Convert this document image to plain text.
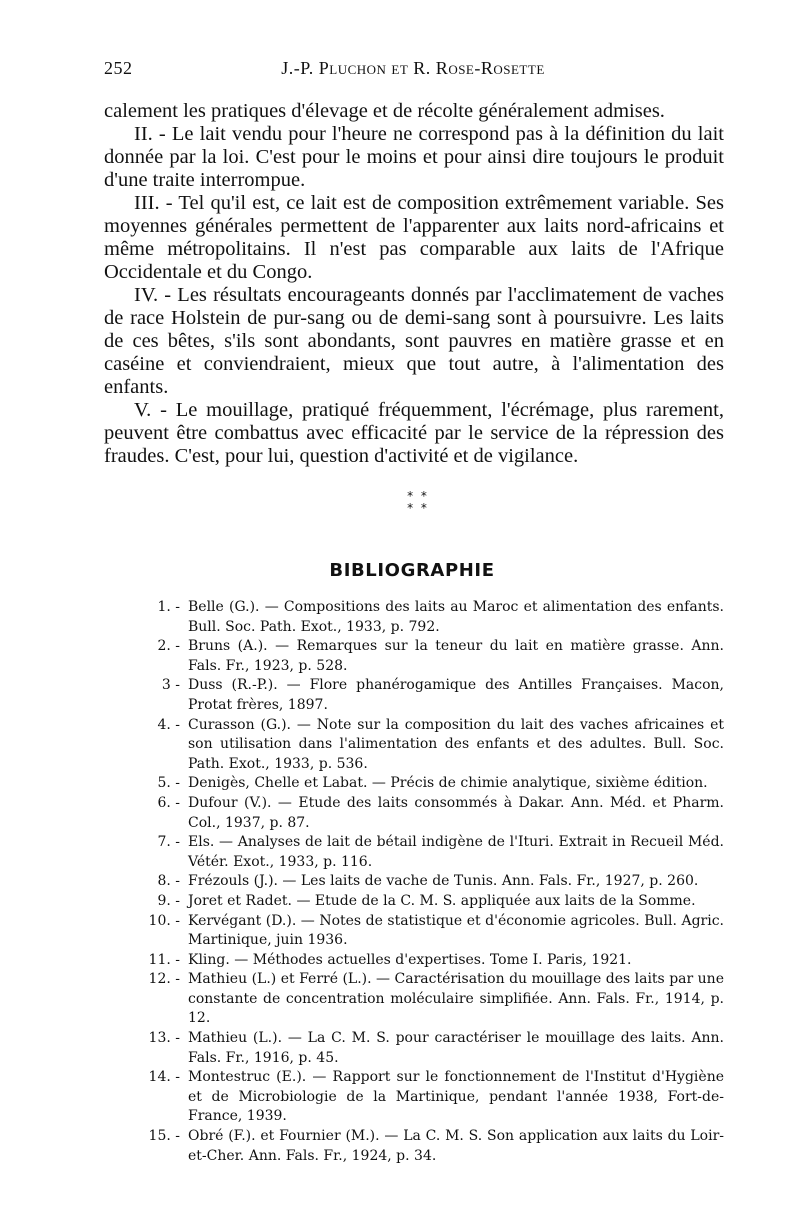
252	J.-P. Pluchon et R. Rose-Rosette

calement les pratiques d'élevage et de récolte généralement admises.

II. - Le lait vendu pour l'heure ne correspond pas à la définition du lait donnée par la loi. C'est pour le moins et pour ainsi dire toujours le produit d'une traite interrompue.

III. - Tel qu'il est, ce lait est de composition extrêmement variable. Ses moyennes générales permettent de l'apparenter aux laits nord-africains et même métropolitains. Il n'est pas comparable aux laits de l'Afrique Occidentale et du Congo.

IV. - Les résultats encourageants donnés par l'acclimatement de vaches de race Holstein de pur-sang ou de demi-sang sont à poursuivre. Les laits de ces bêtes, s'ils sont abondants, sont pauvres en matière grasse et en caséine et conviendraient, mieux que tout autre, à l'alimentation des enfants.

V. - Le mouillage, pratiqué fréquemment, l'écrémage, plus rarement, peuvent être combattus avec efficacité par le service de la répression des fraudes. C'est, pour lui, question d'activité et de vigilance.

* *
* *
BIBLIOGRAPHIE
1. - Belle (G.). — Compositions des laits au Maroc et alimentation des enfants. Bull. Soc. Path. Exot., 1933, p. 792.
2. - Bruns (A.). — Remarques sur la teneur du lait en matière grasse. Ann. Fals. Fr., 1923, p. 528.
3 - Duss (R.-P.). — Flore phanérogamique des Antilles Françaises. Macon, Protat frères, 1897.
4. - Curasson (G.). — Note sur la composition du lait des vaches africaines et son utilisation dans l'alimentation des enfants et des adultes. Bull. Soc. Path. Exot., 1933, p. 536.
5. - Denigès, Chelle et Labat. — Précis de chimie analytique, sixième édition.
6. - Dufour (V.). — Etude des laits consommés à Dakar. Ann. Méd. et Pharm. Col., 1937, p. 87.
7. - Els. — Analyses de lait de bétail indigène de l'Ituri. Extrait in Recueil Méd. Vétér. Exot., 1933, p. 116.
8. - Frézouls (J.). — Les laits de vache de Tunis. Ann. Fals. Fr., 1927, p. 260.
9. - Joret et Radet. — Etude de la C. M. S. appliquée aux laits de la Somme.
10. - Kervégant (D.). — Notes de statistique et d'économie agricoles. Bull. Agric. Martinique, juin 1936.
11. - Kling. — Méthodes actuelles d'expertises. Tome I. Paris, 1921.
12. - Mathieu (L.) et Ferré (L.). — Caractérisation du mouillage des laits par une constante de concentration moléculaire simplifiée. Ann. Fals. Fr., 1914, p. 12.
13. - Mathieu (L.). — La C. M. S. pour caractériser le mouillage des laits. Ann. Fals. Fr., 1916, p. 45.
14. - Montestruc (E.). — Rapport sur le fonctionnement de l'Institut d'Hygiène et de Microbiologie de la Martinique, pendant l'année 1938, Fort-de-France, 1939.
15. - Obré (F.). et Fournier (M.). — La C. M. S. Son application aux laits du Loir-et-Cher. Ann. Fals. Fr., 1924, p. 34.
